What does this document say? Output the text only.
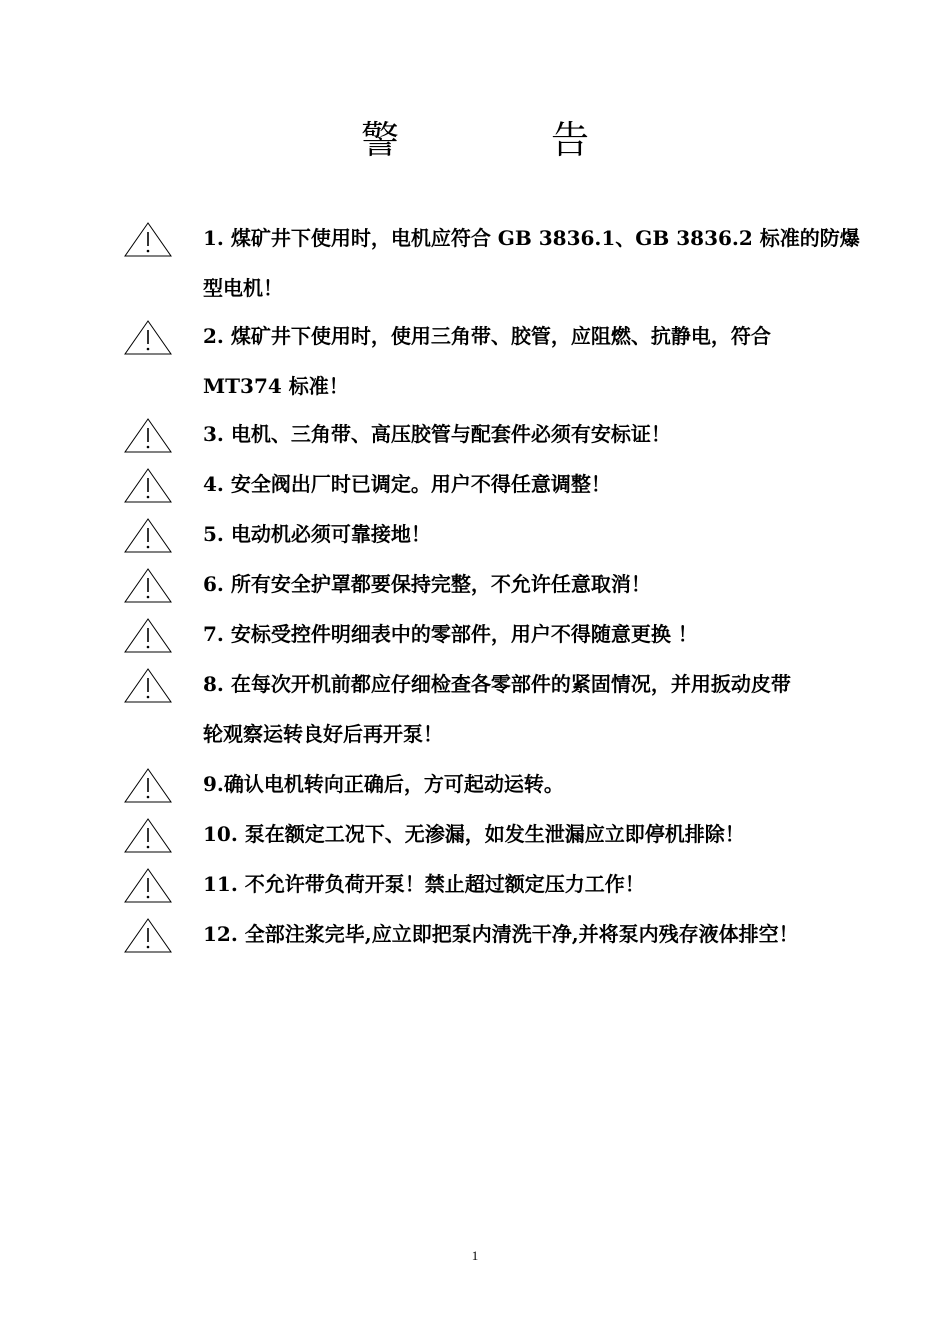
警 告
1. 煤矿井下使用时，电机应符合 GB 3836.1、GB 3836.2 标准的防爆
型电机！
2. 煤矿井下使用时，使用三角带、胶管，应阻燃、抗静电，符合
MT374 标准！
3. 电机、三角带、高压胶管与配套件必须有安标证！
4. 安全阀出厂时已调定。用户不得任意调整！
5. 电动机必须可靠接地！
6. 所有安全护罩都要保持完整，不允许任意取消！
7. 安标受控件明细表中的零部件，用户不得随意更换 ！
8. 在每次开机前都应仔细检查各零部件的紧固情况，并用扳动皮带
轮观察运转良好后再开泵！
9.确认电机转向正确后，方可起动运转。
10. 泵在额定工况下、无渗漏，如发生泄漏应立即停机排除！
11. 不允许带负荷开泵！禁止超过额定压力工作！
12. 全部注浆完毕,应立即把泵内清洗干净,并将泵内残存液体排空！
1
